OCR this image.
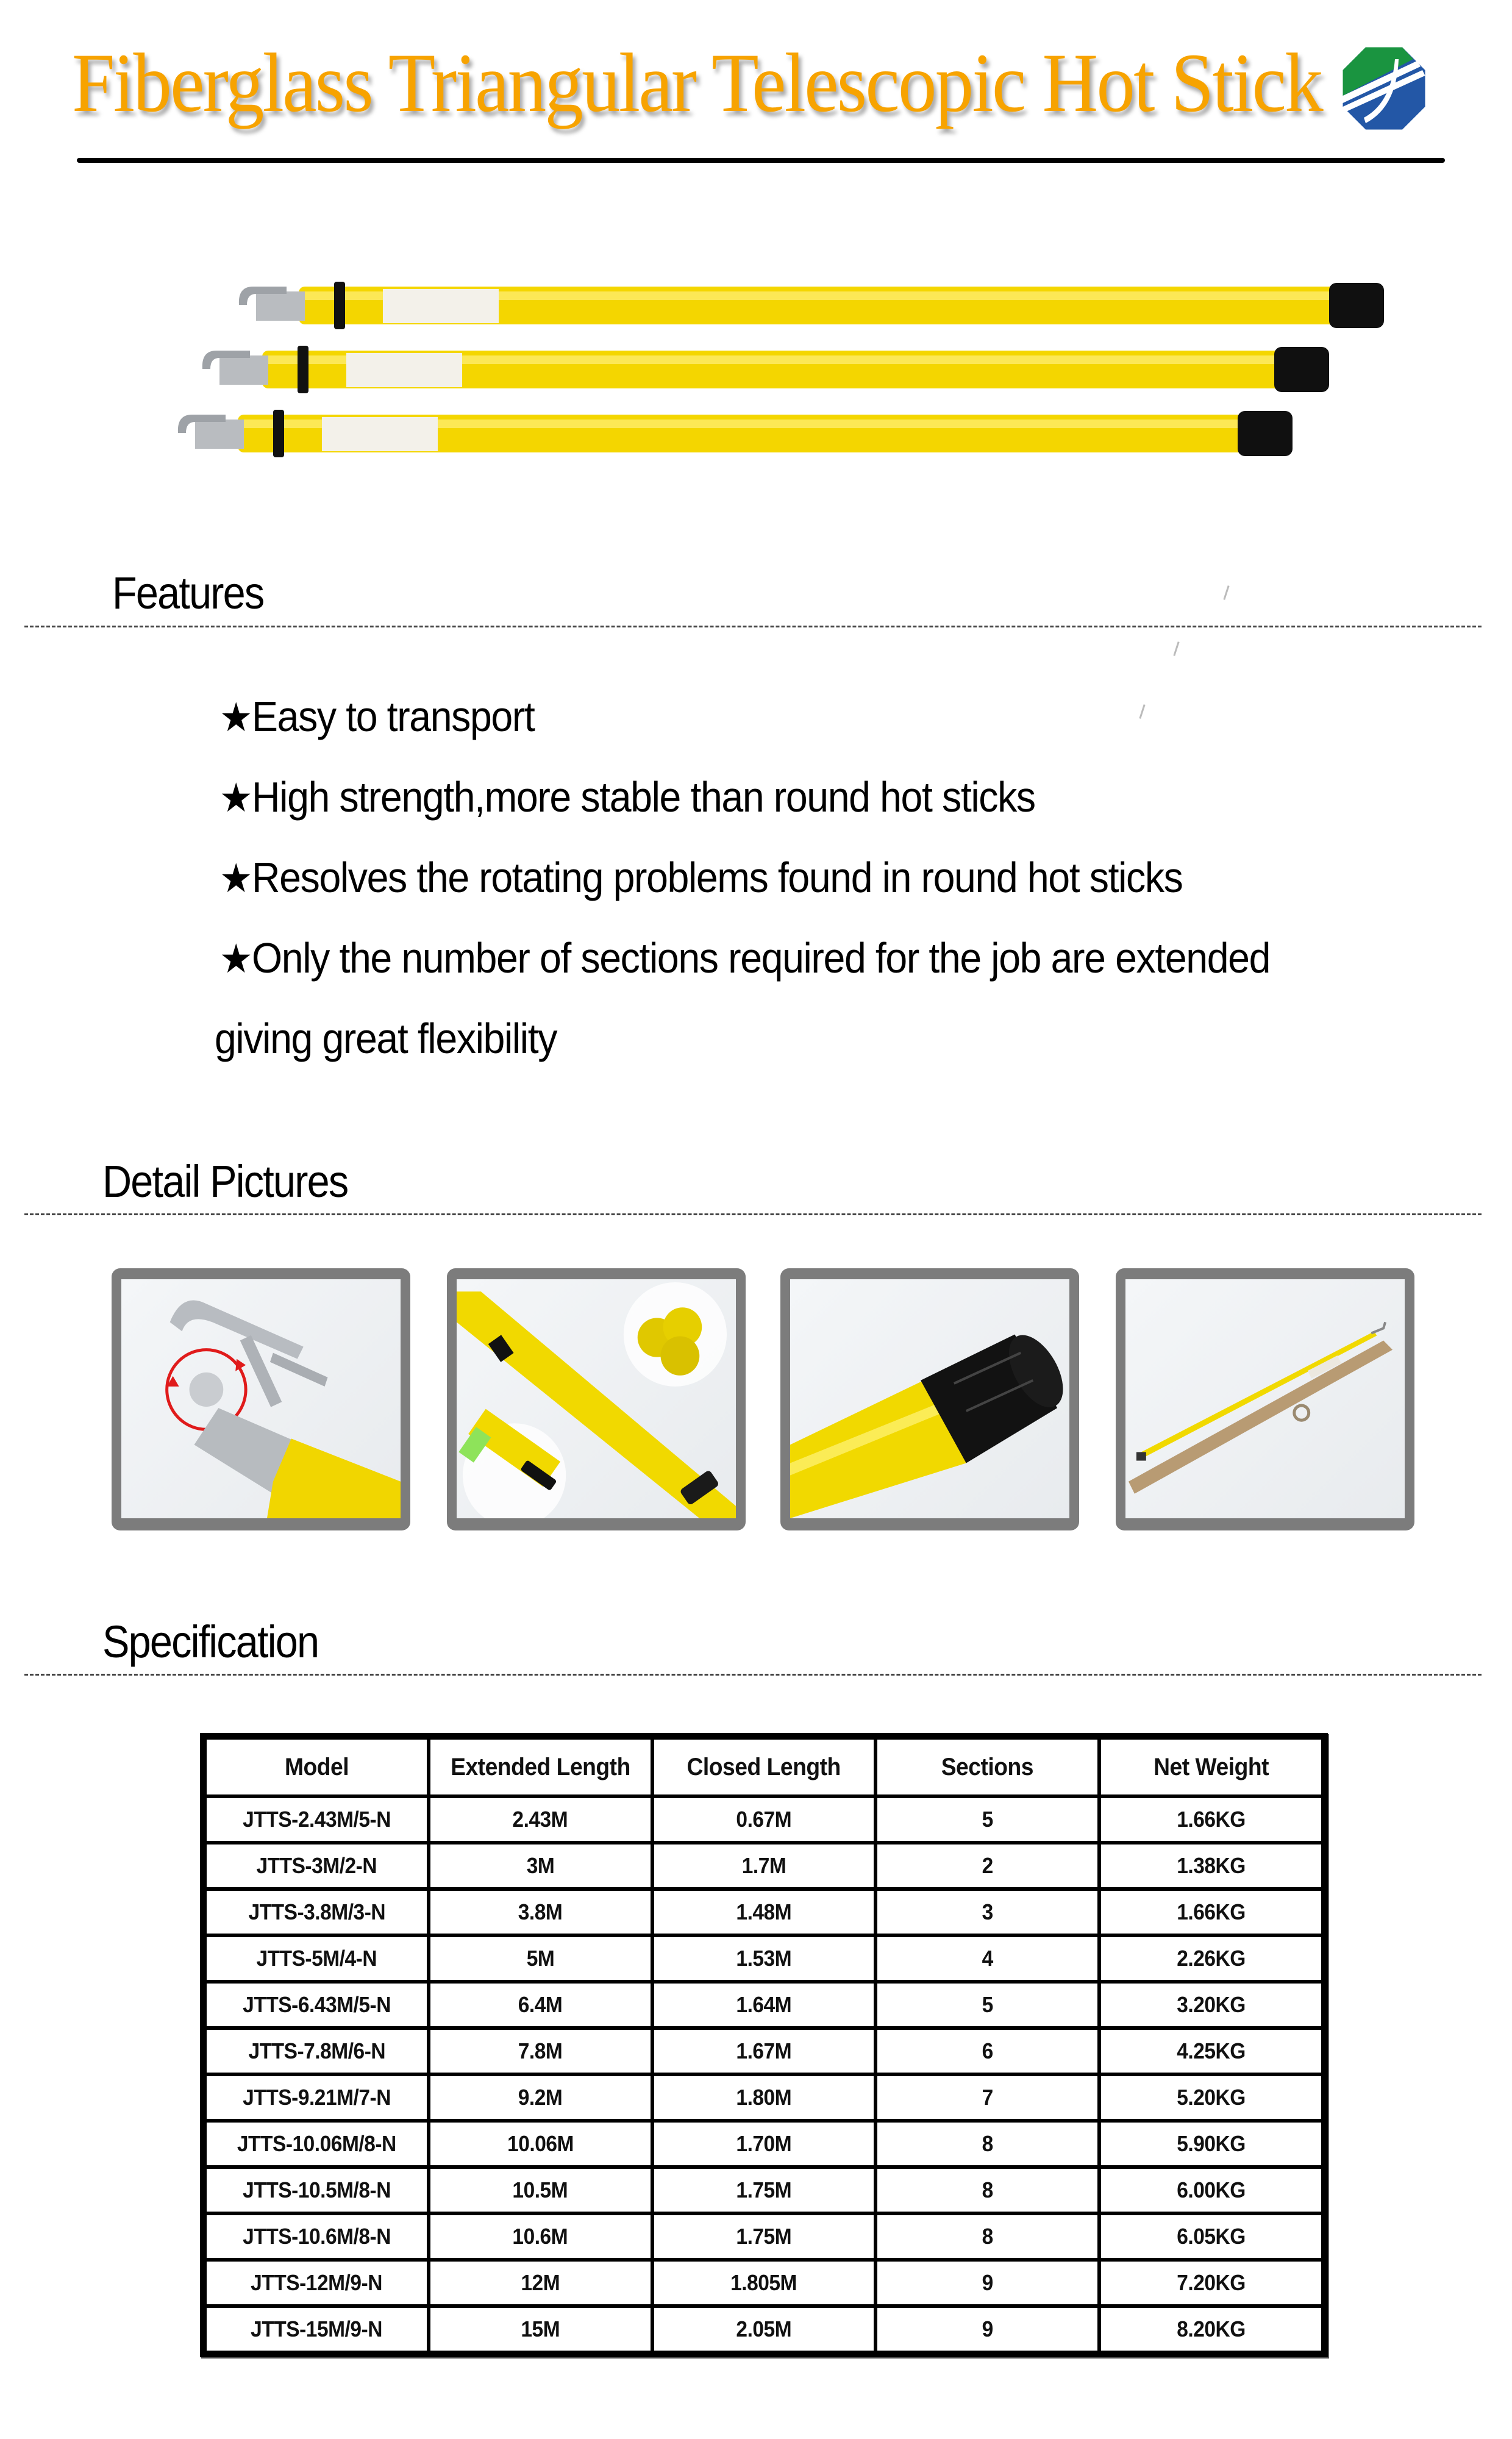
Fiberglass Triangular Telescopic Hot Stick
Features
★Easy to transport
★High strength,more stable than round hot sticks
★Resolves the rotating problems found in round hot sticks
★Only the number of sections required for the job are extended
giving great flexibility
Detail Pictures
Specification
Model	Extended Length	Closed Length	Sections	Net Weight
JTTS-2.43M/5-N	2.43M	0.67M	5	1.66KG
JTTS-3M/2-N	3M	1.7M	2	1.38KG
JTTS-3.8M/3-N	3.8M	1.48M	3	1.66KG
JTTS-5M/4-N	5M	1.53M	4	2.26KG
JTTS-6.43M/5-N	6.4M	1.64M	5	3.20KG
JTTS-7.8M/6-N	7.8M	1.67M	6	4.25KG
JTTS-9.21M/7-N	9.2M	1.80M	7	5.20KG
JTTS-10.06M/8-N	10.06M	1.70M	8	5.90KG
JTTS-10.5M/8-N	10.5M	1.75M	8	6.00KG
JTTS-10.6M/8-N	10.6M	1.75M	8	6.05KG
JTTS-12M/9-N	12M	1.805M	9	7.20KG
JTTS-15M/9-N	15M	2.05M	9	8.20KG
